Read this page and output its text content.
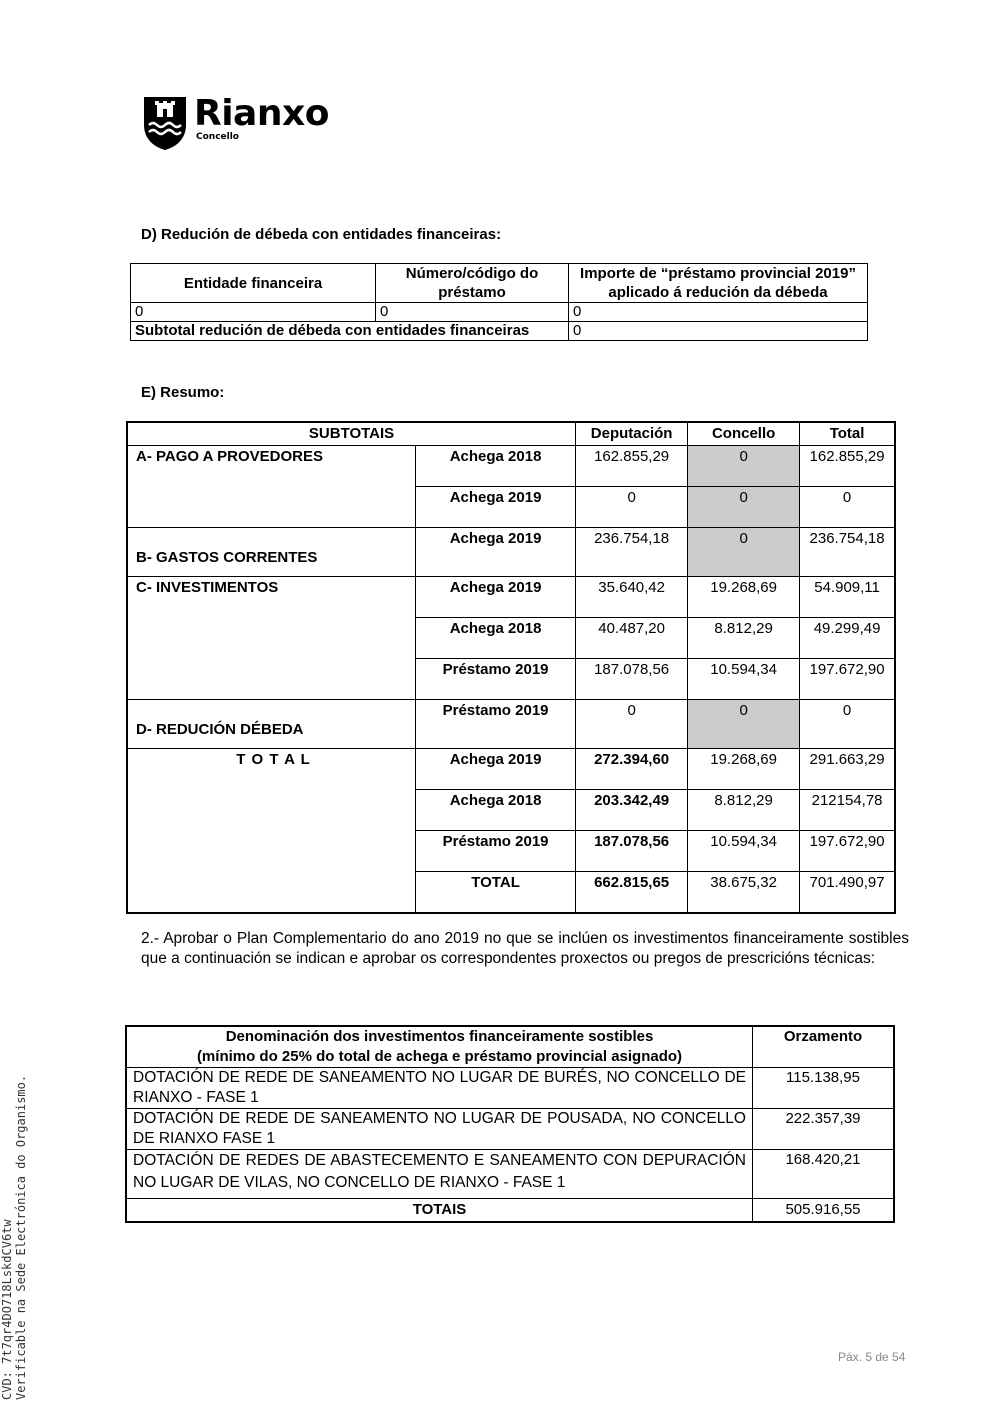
Rianxo
Concello
D) Redución de débeda con entidades financeiras:
Entidade financeira	Número/código do préstamo	Importe de “préstamo provincial 2019” aplicado á redución da débeda
0	0	0
Subtotal redución de débeda con entidades financeiras		0
E) Resumo:
SUBTOTAIS		Deputación	Concello	Total
A- PAGO A PROVEDORES	Achega 2018	162.855,29	0	162.855,29
	Achega 2019	0	0	0
B- GASTOS CORRENTES	Achega 2019	236.754,18	0	236.754,18
C- INVESTIMENTOS	Achega 2019	35.640,42	19.268,69	54.909,11
	Achega 2018	40.487,20	8.812,29	49.299,49
	Préstamo 2019	187.078,56	10.594,34	197.672,90
D- REDUCIÓN DÉBEDA	Préstamo 2019	0	0	0
T O T A L	Achega 2019	272.394,60	19.268,69	291.663,29
	Achega 2018	203.342,49	8.812,29	212154,78
	Préstamo 2019	187.078,56	10.594,34	197.672,90
	TOTAL	662.815,65	38.675,32	701.490,97
2.- Aprobar o Plan Complementario do ano 2019 no que se inclúen os investimentos financeiramente sostibles que a continuación se indican e aprobar os correspondentes proxectos ou pregos de prescricións técnicas:
Denominación dos investimentos financeiramente sostibles
(mínimo do 25% do total de achega e préstamo provincial asignado)	Orzamento
DOTACIÓN DE REDE DE SANEAMENTO NO LUGAR DE BURÉS, NO CONCELLO DE RIANXO - FASE 1	115.138,95
DOTACIÓN DE REDE DE SANEAMENTO NO LUGAR DE POUSADA, NO CONCELLO DE RIANXO FASE 1	222.357,39
DOTACIÓN DE REDES DE ABASTECEMENTO E SANEAMENTO CON DEPURACIÓN NO LUGAR DE VILAS, NO CONCELLO DE RIANXO - FASE 1	168.420,21
TOTAIS	505.916,55
Páx. 5 de 54
CVD: 7t7qr4DO718LskdCV6tw Verificable na Sede Electrónica do Organismo.
